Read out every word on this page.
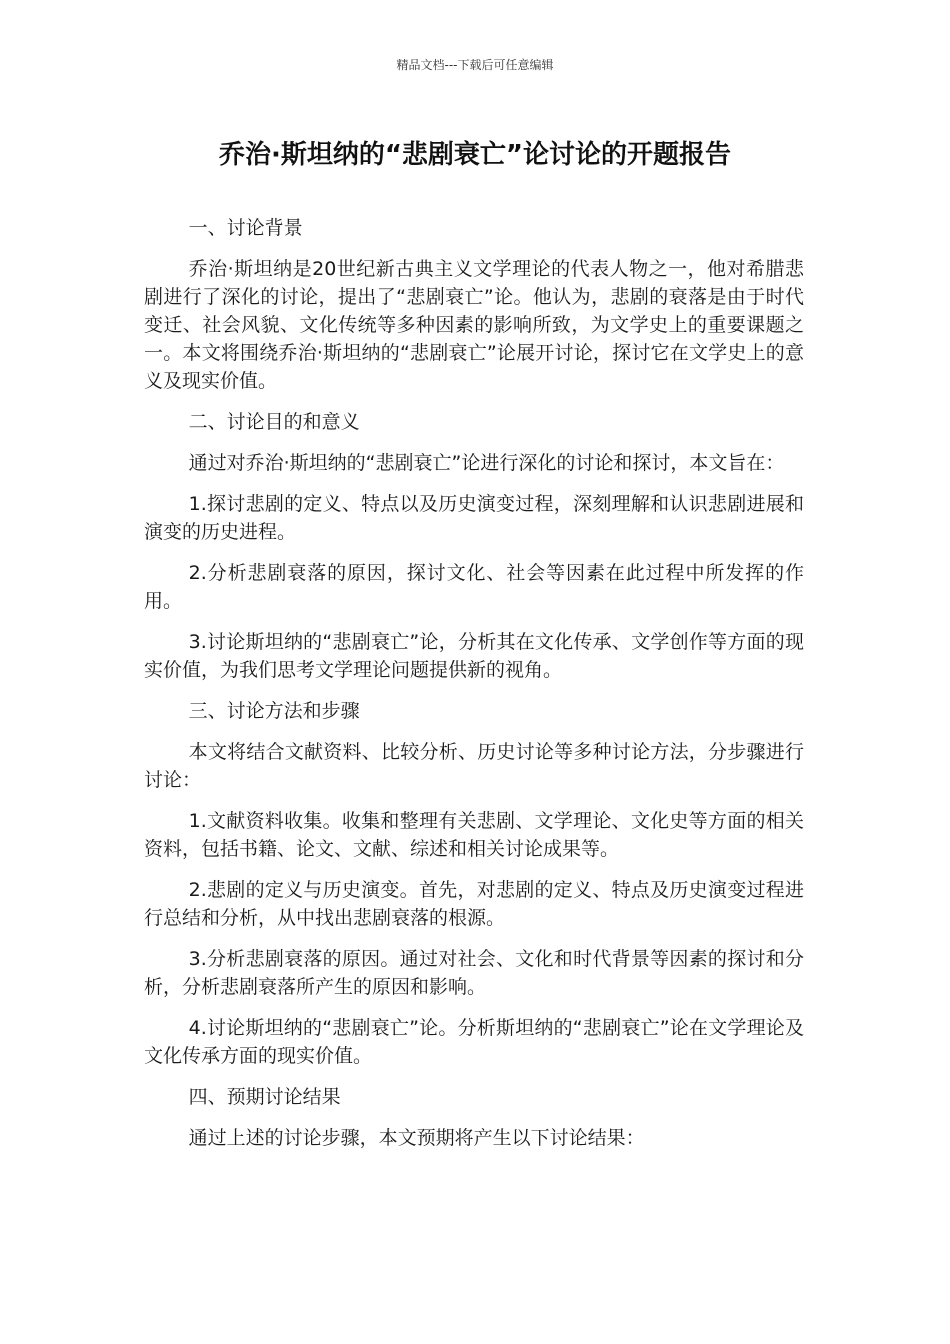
精品文档---下载后可任意编辑
乔治·斯坦纳的“悲剧衰亡”论讨论的开题报告
一、讨论背景

乔治·斯坦纳是20世纪新古典主义文学理论的代表人物之一，他对希腊悲剧进行了深化的讨论，提出了“悲剧衰亡”论。他认为，悲剧的衰落是由于时代变迁、社会风貌、文化传统等多种因素的影响所致，为文学史上的重要课题之一。本文将围绕乔治·斯坦纳的“悲剧衰亡”论展开讨论，探讨它在文学史上的意义及现实价值。

二、讨论目的和意义

通过对乔治·斯坦纳的“悲剧衰亡”论进行深化的讨论和探讨，本文旨在：

1.探讨悲剧的定义、特点以及历史演变过程，深刻理解和认识悲剧进展和演变的历史进程。

2.分析悲剧衰落的原因，探讨文化、社会等因素在此过程中所发挥的作用。

3.讨论斯坦纳的“悲剧衰亡”论，分析其在文化传承、文学创作等方面的现实价值，为我们思考文学理论问题提供新的视角。

三、讨论方法和步骤

本文将结合文献资料、比较分析、历史讨论等多种讨论方法，分步骤进行讨论：

1.文献资料收集。收集和整理有关悲剧、文学理论、文化史等方面的相关资料，包括书籍、论文、文献、综述和相关讨论成果等。

2.悲剧的定义与历史演变。首先，对悲剧的定义、特点及历史演变过程进行总结和分析，从中找出悲剧衰落的根源。

3.分析悲剧衰落的原因。通过对社会、文化和时代背景等因素的探讨和分析，分析悲剧衰落所产生的原因和影响。

4.讨论斯坦纳的“悲剧衰亡”论。分析斯坦纳的“悲剧衰亡”论在文学理论及文化传承方面的现实价值。

四、预期讨论结果

通过上述的讨论步骤，本文预期将产生以下讨论结果：
